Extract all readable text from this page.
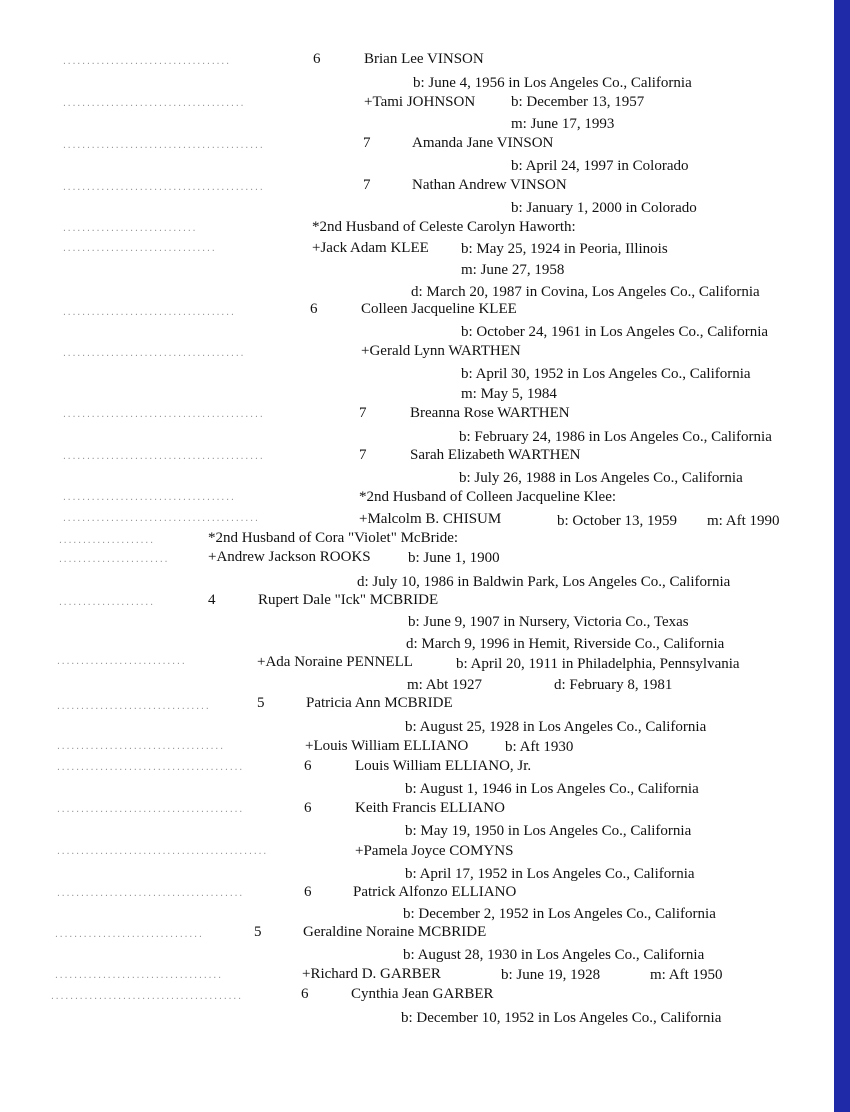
...................................	6	Brian Lee VINSON
b: June 4, 1956 in Los Angeles Co., California
......................................	+Tami JOHNSON b: December 13, 1957
m: June 17, 1993
..........................................	7	Amanda Jane VINSON
b: April 24, 1997 in Colorado
..........................................	7	Nathan Andrew VINSON
b: January 1, 2000 in Colorado
............................	*2nd Husband of Celeste Carolyn Haworth:
................................	+Jack Adam KLEE b: May 25, 1924 in Peoria, Illinois
m: June 27, 1958
d: March 20, 1987 in Covina, Los Angeles Co., California
....................................	6	Colleen Jacqueline KLEE
b: October 24, 1961 in Los Angeles Co., California
......................................	+Gerald Lynn WARTHEN
b: April 30, 1952 in Los Angeles Co., California
m: May 5, 1984
..........................................	7	Breanna Rose WARTHEN
b: February 24, 1986 in Los Angeles Co., California
..........................................	7	Sarah Elizabeth WARTHEN
b: July 26, 1988 in Los Angeles Co., California
....................................	*2nd Husband of Colleen Jacqueline Klee:
.........................................	+Malcolm B. CHISUM	b: October 13, 1959 m: Aft 1990
....................	*2nd Husband of Cora "Violet" McBride:
.......................	+Andrew Jackson ROOKS b: June 1, 1900
d: July 10, 1986 in Baldwin Park, Los Angeles Co., California
....................	4	Rupert Dale "Ick" MCBRIDE
b: June 9, 1907 in Nursery, Victoria Co., Texas
d: March 9, 1996 in Hemit, Riverside Co., California
...........................	+Ada Noraine PENNELL	b: April 20, 1911 in Philadelphia, Pennsylvania
m: Abt 1927	d: February 8, 1981
................................	5	Patricia Ann MCBRIDE
b: August 25, 1928 in Los Angeles Co., California
...................................	+Louis William ELLIANO b: Aft 1930
.......................................	6	Louis William ELLIANO, Jr.
b: August 1, 1946 in Los Angeles Co., California
.......................................	6	Keith Francis ELLIANO
b: May 19, 1950 in Los Angeles Co., California
............................................	+Pamela Joyce COMYNS
b: April 17, 1952 in Los Angeles Co., California
.......................................	6	Patrick Alfonzo ELLIANO
b: December 2, 1952 in Los Angeles Co., California
...............................	5	Geraldine Noraine MCBRIDE
b: August 28, 1930 in Los Angeles Co., California
...................................	+Richard D. GARBER	b: June 19, 1928	m: Aft 1950
........................................	6	Cynthia Jean GARBER
b: December 10, 1952 in Los Angeles Co., California
